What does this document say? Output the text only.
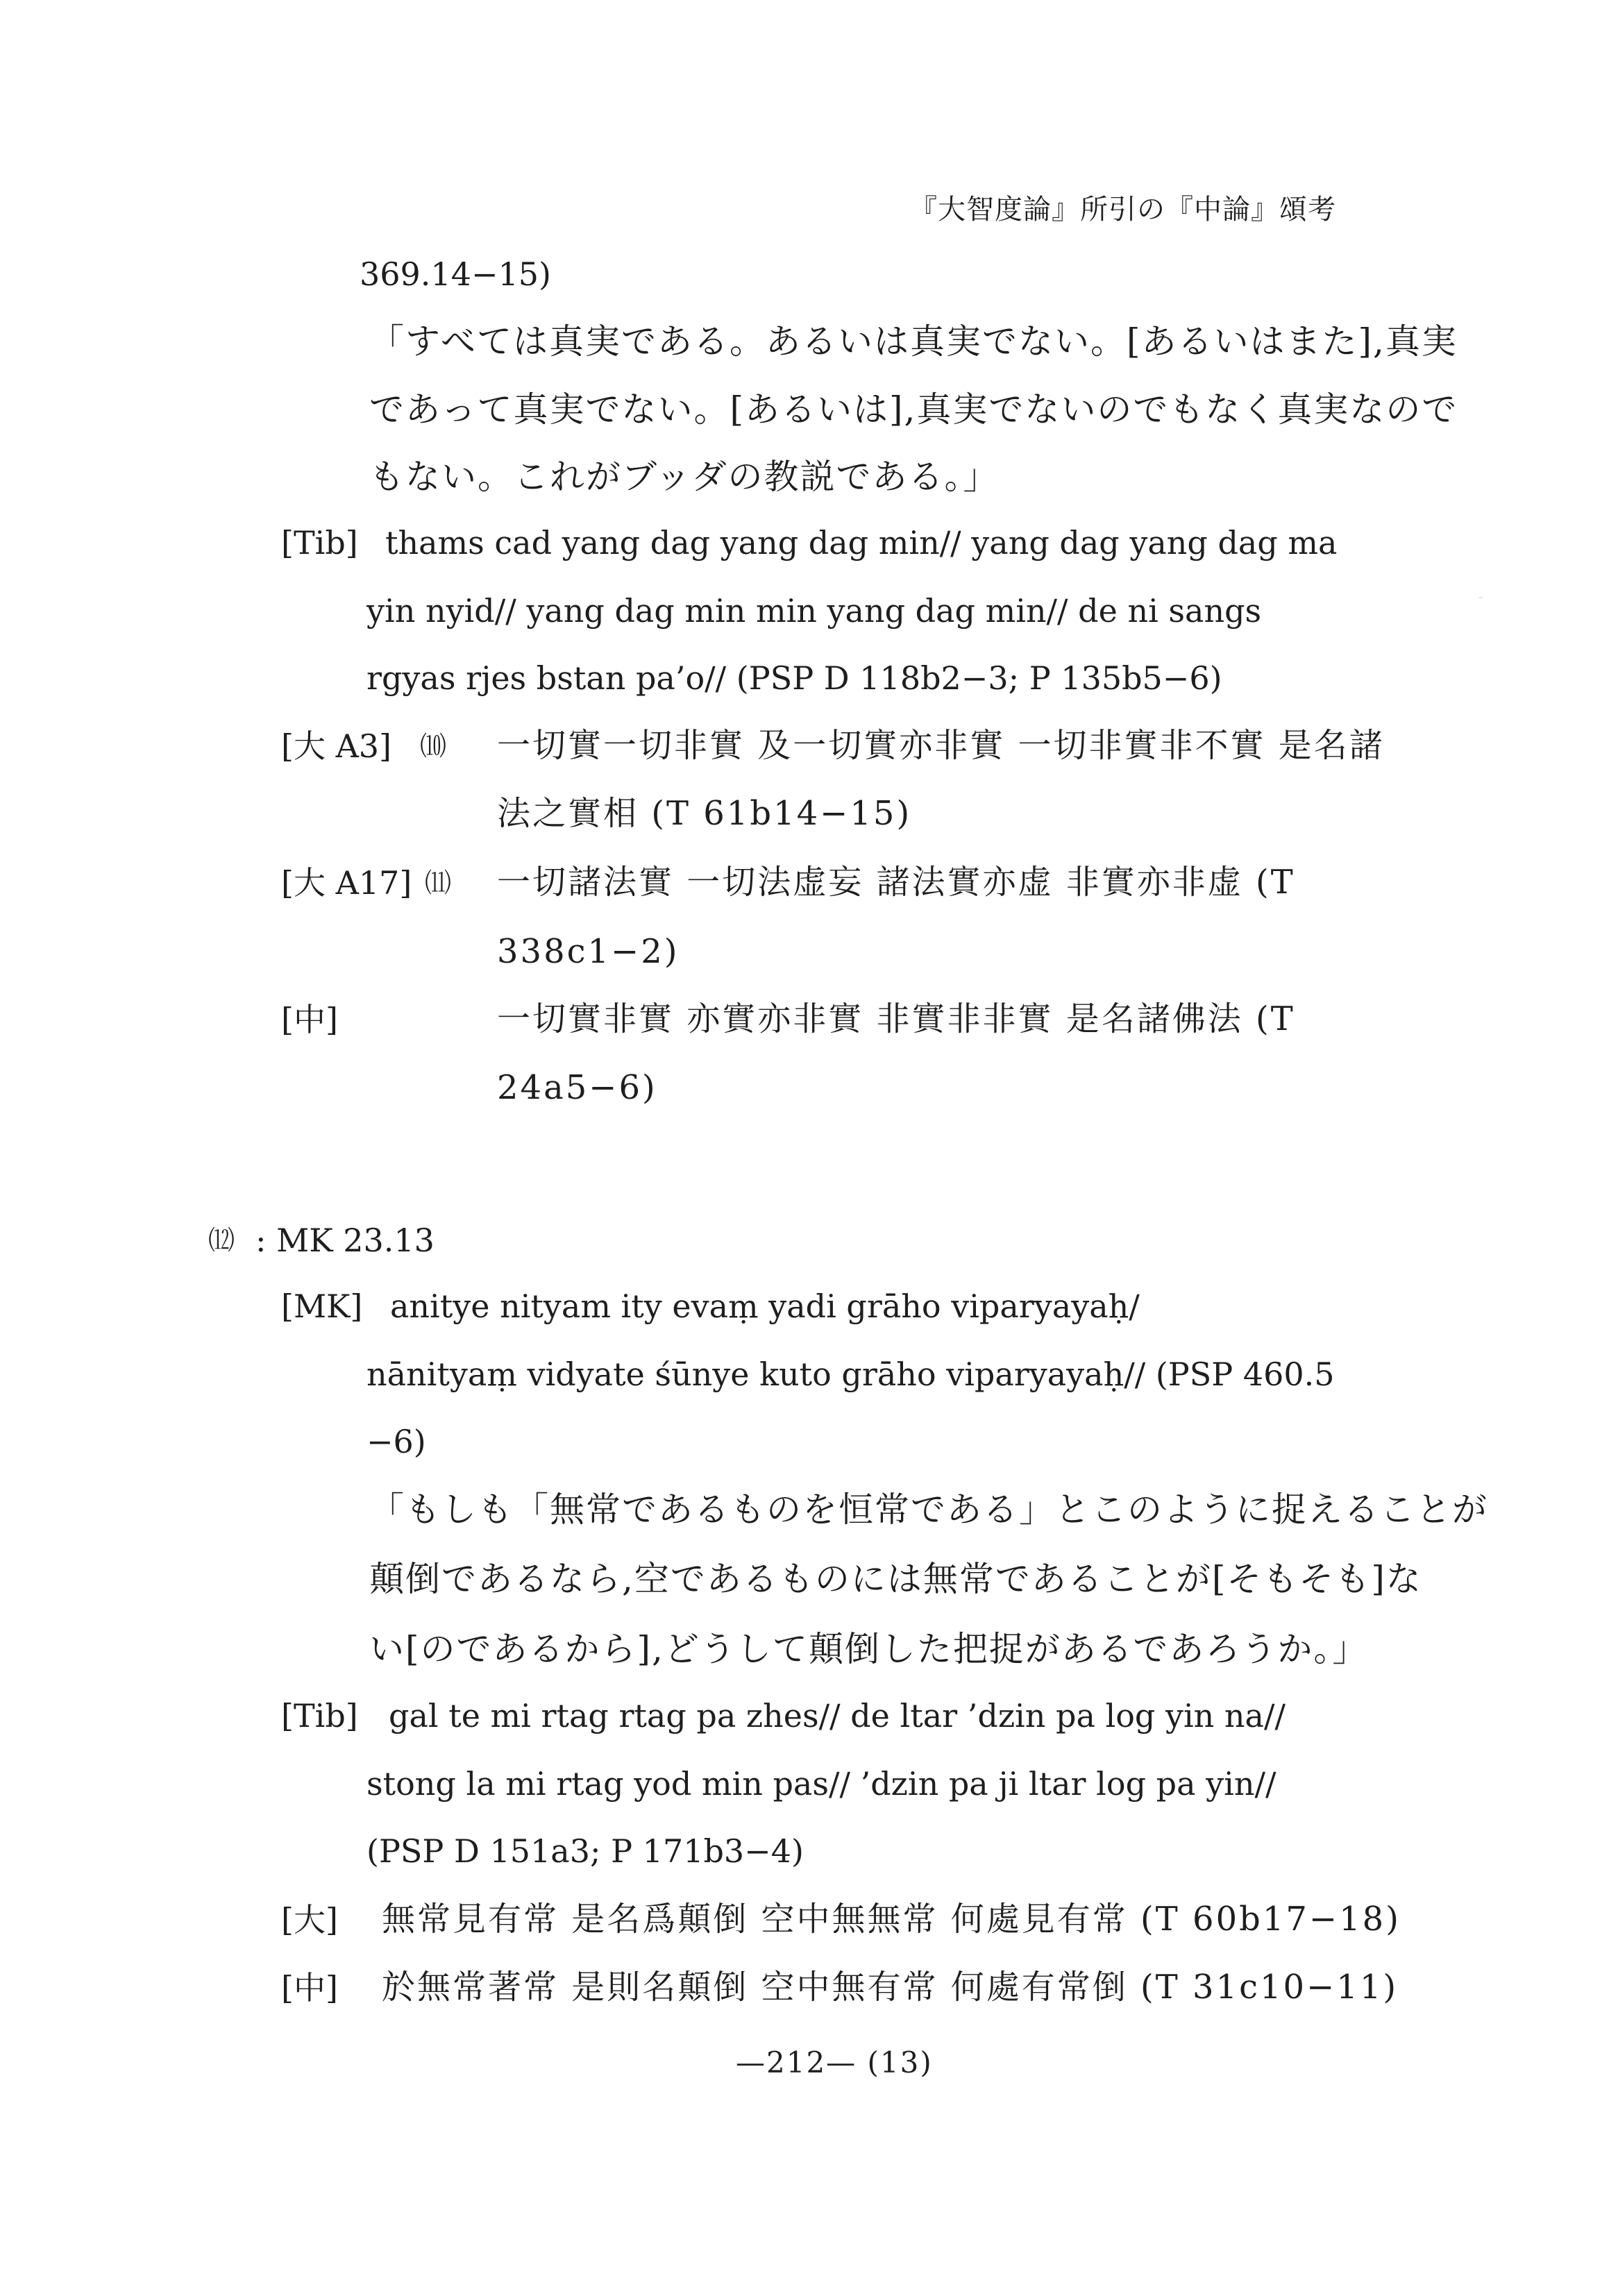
『大智度論』所引の『中論』頌考
369.14−15)
「すべては真実である。あるいは真実でない。[あるいはまた],真実
であって真実でない。[あるいは],真実でないのでもなく真実なので
もない。これがブッダの教説である。」
[Tib] thams cad yang dag yang dag min// yang dag yang dag ma
yin nyid// yang dag min min yang dag min// de ni sangs
rgyas rjes bstan pa’o// (PSP D 118b2−3; P 135b5−6)
[大 A3] ⑽ 一切實一切非實 及一切實亦非實 一切非實非不實 是名諸
法之實相 (T 61b14−15)
[大 A17] ⑾ 一切諸法實 一切法虚妄 諸法實亦虚 非實亦非虚 (T
338c1−2)
[中]	一切實非實 亦實亦非實 非實非非實 是名諸佛法 (T
24a5−6)
⑿ : MK 23.13
[MK] anitye nityam ity evaṃ yadi grāho viparyayaḥ/
nānityaṃ vidyate śūnye kuto grāho viparyayaḥ// (PSP 460.5
−6)
「もしも「無常であるものを恒常である」とこのように捉えることが
顛倒であるなら,空であるものには無常であることが[そもそも]な
い[のであるから],どうして顛倒した把捉があるであろうか。」
[Tib] gal te mi rtag rtag pa zhes// de ltar ’dzin pa log yin na//
stong la mi rtag yod min pas// ’dzin pa ji ltar log pa yin//
(PSP D 151a3; P 171b3−4)
[大] 無常見有常 是名爲顛倒 空中無無常 何處見有常 (T 60b17−18)
[中] 於無常著常 是則名顛倒 空中無有常 何處有常倒 (T 31c10−11)
—212— (13)
